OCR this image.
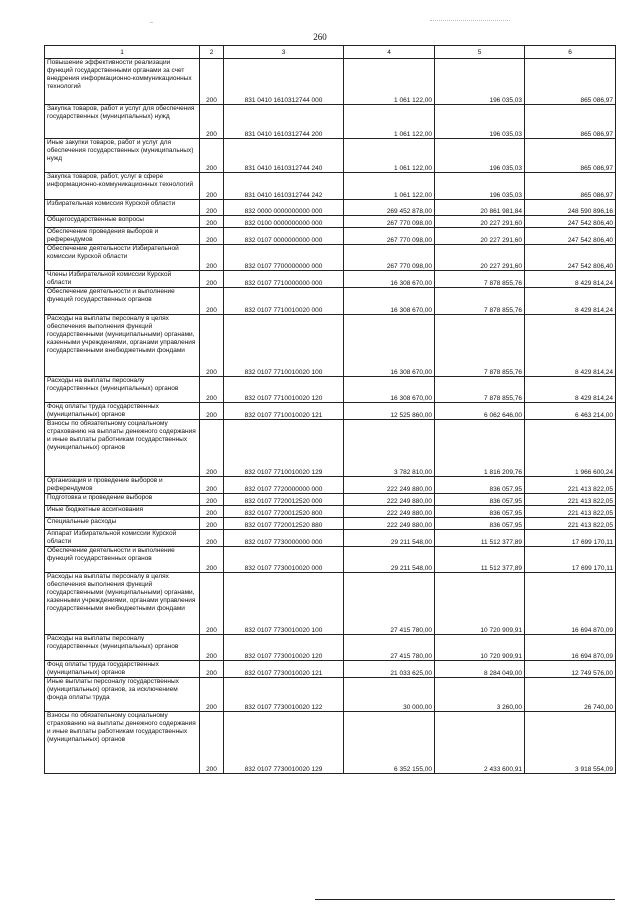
260
1	2	3	4	5	6
Повышение эффективности реализации функций государственными органами за счет внедрения информационно-коммуникационных технологий	200	831 0410 1610312744 000	1 061 122,00	196 035,03	865 086,97
Закупка товаров, работ и услуг для обеспечения государственных (муниципальных) нужд	200	831 0410 1610312744 200	1 061 122,00	196 035,03	865 086,97
Иные закупки товаров, работ и услуг для обеспечения государственных (муниципальных) нужд	200	831 0410 1610312744 240	1 061 122,00	196 035,03	865 086,97
Закупка товаров, работ, услуг в сфере информационно-коммуникационных технологий	200	831 0410 1610312744 242	1 061 122,00	196 035,03	865 086,97
Избирательная комиссия Курской области	200	832 0000 0000000000 000	269 452 878,00	20 861 981,84	248 590 896,16
Общегосударственные вопросы	200	832 0100 0000000000 000	267 770 098,00	20 227 291,60	247 542 806,40
Обеспечение проведения выборов и референдумов	200	832 0107 0000000000 000	267 770 098,00	20 227 291,60	247 542 806,40
Обеспечение деятельности Избирательной комиссии Курской области	200	832 0107 7700000000 000	267 770 098,00	20 227 291,60	247 542 806,40
Члены Избирательной комиссии Курской области	200	832 0107 7710000000 000	16 308 670,00	7 878 855,76	8 429 814,24
Обеспечение деятельности и выполнение функций государственных органов	200	832 0107 7710010020 000	16 308 670,00	7 878 855,76	8 429 814,24
Расходы на выплаты персоналу в целях обеспечения выполнения функций государственными (муниципальными) органами, казенными учреждениями, органами управления государственными внебюджетными фондами	200	832 0107 7710010020 100	16 308 670,00	7 878 855,76	8 429 814,24
Расходы на выплаты персоналу государственных (муниципальных) органов	200	832 0107 7710010020 120	16 308 670,00	7 878 855,76	8 429 814,24
Фонд оплаты труда государственных (муниципальных) органов	200	832 0107 7710010020 121	12 525 860,00	6 062 646,00	6 463 214,00
Взносы по обязательному социальному страхованию на выплаты денежного содержания и иные выплаты работникам государственных (муниципальных) органов	200	832 0107 7710010020 129	3 782 810,00	1 816 209,76	1 966 600,24
Организация и проведение выборов и референдумов	200	832 0107 7720000000 000	222 249 880,00	836 057,95	221 413 822,05
Подготовка и проведение выборов	200	832 0107 7720012520 000	222 249 880,00	836 057,95	221 413 822,05
Иные бюджетные ассигнования	200	832 0107 7720012520 800	222 249 880,00	836 057,95	221 413 822,05
Специальные расходы	200	832 0107 7720012520 880	222 249 880,00	836 057,95	221 413 822,05
Аппарат Избирательной комиссии Курской области	200	832 0107 7730000000 000	29 211 548,00	11 512 377,89	17 699 170,11
Обеспечение деятельности и выполнение функций государственных органов	200	832 0107 7730010020 000	29 211 548,00	11 512 377,89	17 699 170,11
Расходы на выплаты персоналу в целях обеспечения выполнения функций государственными (муниципальными) органами, казенными учреждениями, органами управления государственными внебюджетными фондами	200	832 0107 7730010020 100	27 415 780,00	10 720 909,91	16 694 870,09
Расходы на выплаты персоналу государственных (муниципальных) органов	200	832 0107 7730010020 120	27 415 780,00	10 720 909,91	16 694 870,09
Фонд оплаты труда государственных (муниципальных) органов	200	832 0107 7730010020 121	21 033 625,00	8 284 049,00	12 749 576,00
Иные выплаты персоналу государственных (муниципальных) органов, за исключением фонда оплаты труда	200	832 0107 7730010020 122	30 000,00	3 260,00	26 740,00
Взносы по обязательному социальному страхованию на выплаты денежного содержания и иные выплаты работникам государственных (муниципальных) органов	200	832 0107 7730010020 129	6 352 155,00	2 433 600,91	3 918 554,09
